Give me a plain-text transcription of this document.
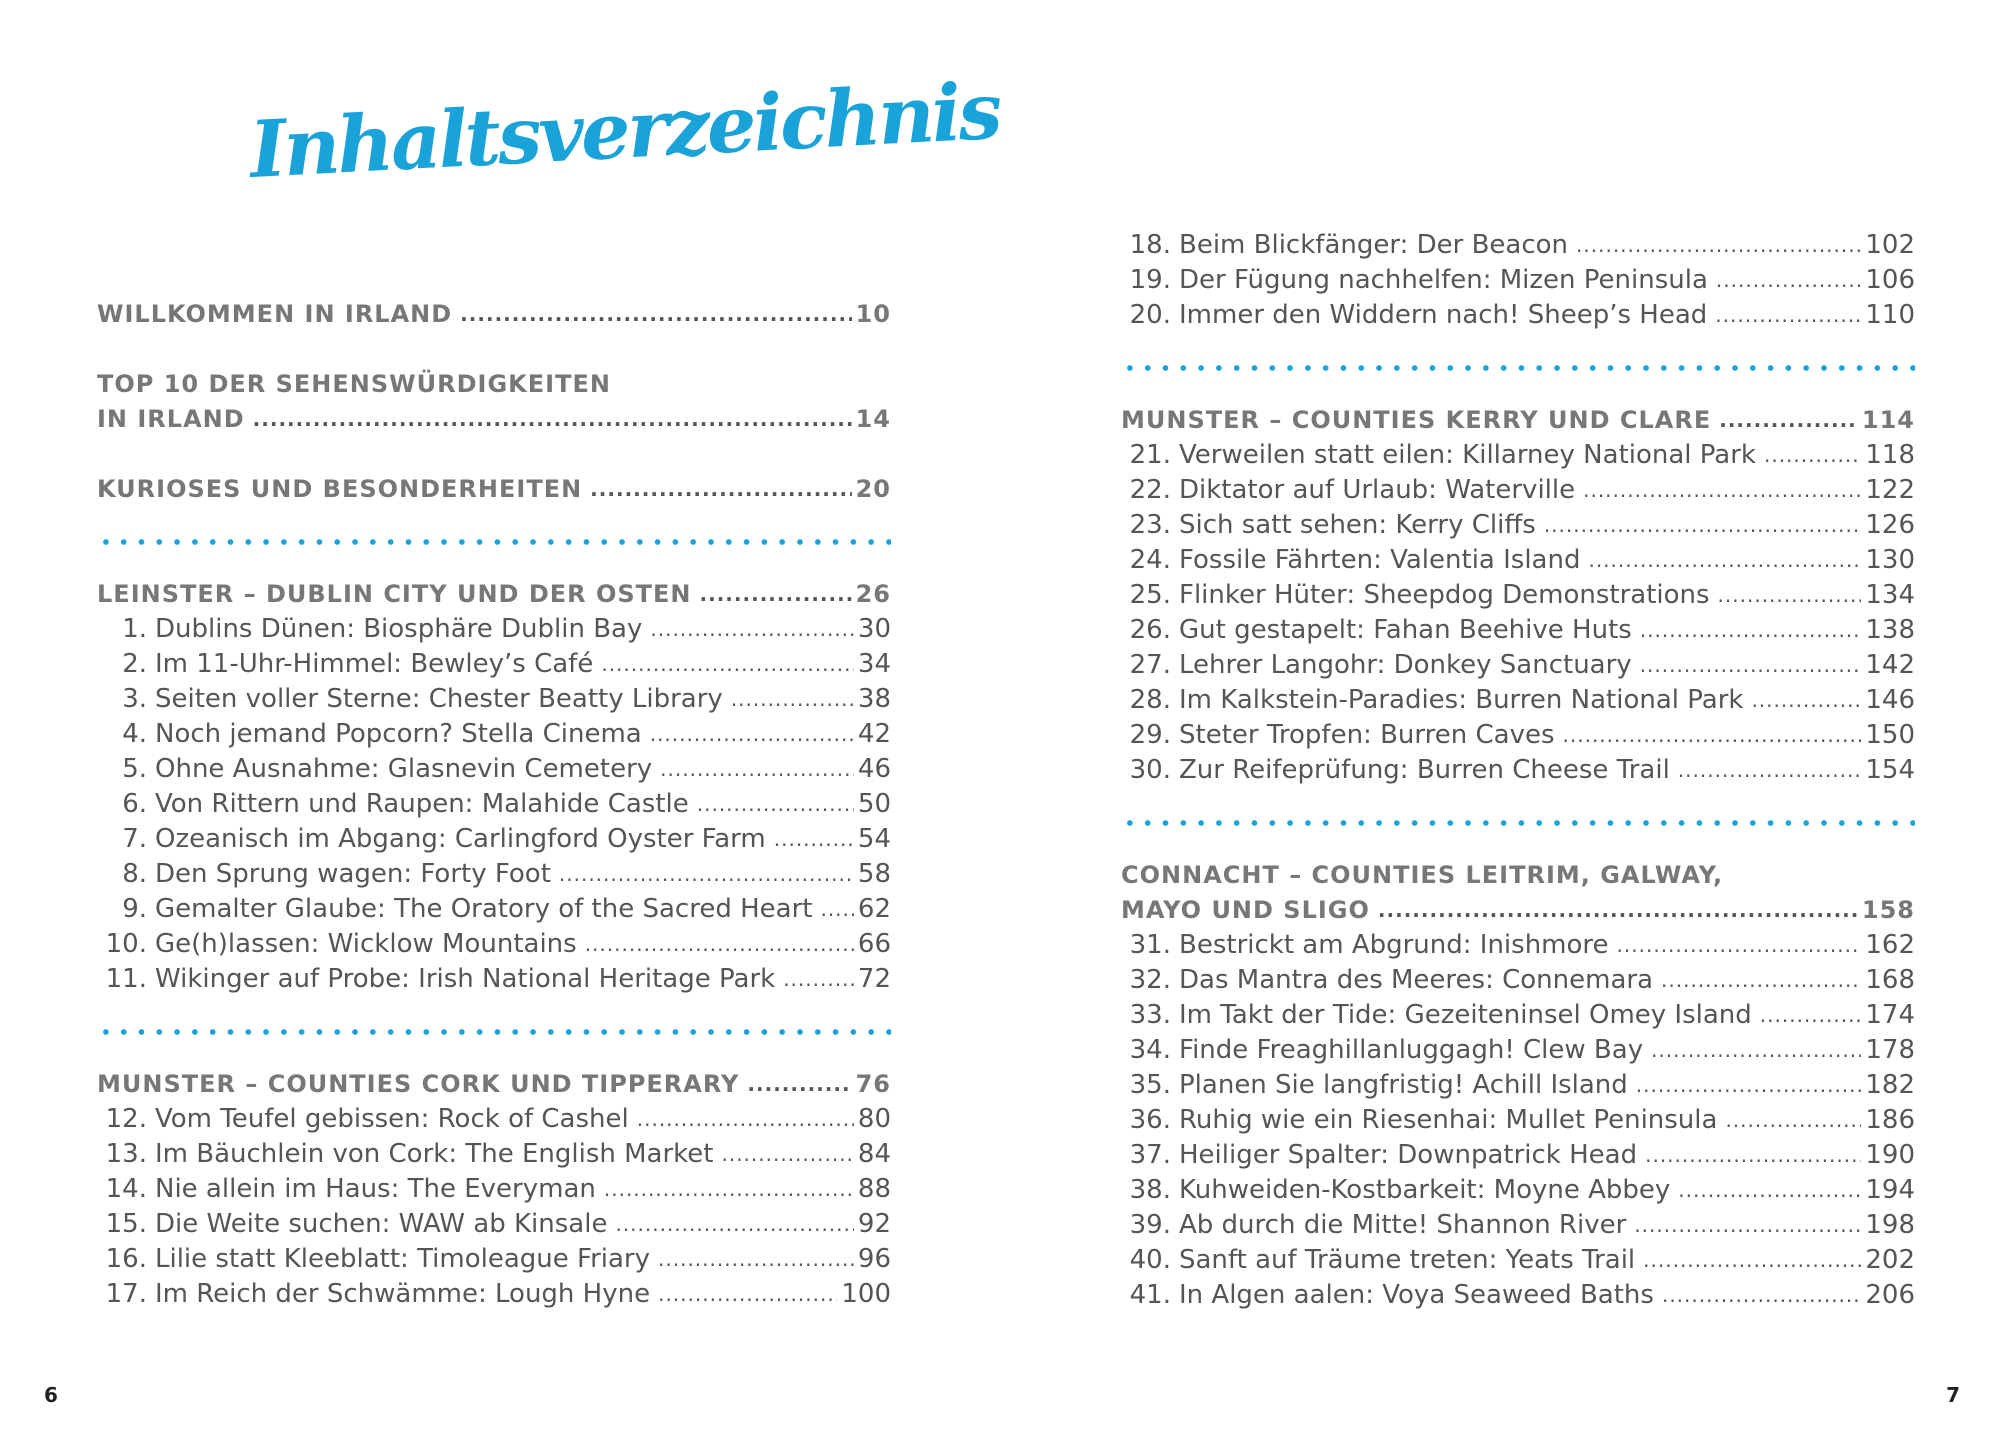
Inhaltsverzeichnis
WILLKOMMEN IN IRLAND .....	10
TOP 10 DER SEHENSWÜRDIGKEITEN
IN IRLAND .....	14
KURIOSES UND BESONDERHEITEN .....	20
LEINSTER – DUBLIN CITY UND DER OSTEN .....	26
1. Dublins Dünen: Biosphäre Dublin Bay .....	30
2. Im 11-Uhr-Himmel: Bewley’s Café .....	34
3. Seiten voller Sterne: Chester Beatty Library .....	38
4. Noch jemand Popcorn? Stella Cinema .....	42
5. Ohne Ausnahme: Glasnevin Cemetery .....	46
6. Von Rittern und Raupen: Malahide Castle .....	50
7. Ozeanisch im Abgang: Carlingford Oyster Farm .....	54
8. Den Sprung wagen: Forty Foot .....	58
9. Gemalter Glaube: The Oratory of the Sacred Heart ..... 62
10. Ge(h)lassen: Wicklow Mountains .....	66
11. Wikinger auf Probe: Irish National Heritage Park .....	72
MUNSTER – COUNTIES CORK UND TIPPERARY .....	76
12. Vom Teufel gebissen: Rock of Cashel .....	80
13. Im Bäuchlein von Cork: The English Market .....	84
14. Nie allein im Haus: The Everyman .....	88
15. Die Weite suchen: WAW ab Kinsale .....	92
16. Lilie statt Kleeblatt: Timoleague Friary .....	96
17. Im Reich der Schwämme: Lough Hyne .....	100
6
18. Beim Blickfänger: Der Beacon .....	102
19. Der Fügung nachhelfen: Mizen Peninsula .....	106
20. Immer den Widdern nach! Sheep’s Head .....	110
MUNSTER – COUNTIES KERRY UND CLARE .....	114
21. Verweilen statt eilen: Killarney National Park .....	118
22. Diktator auf Urlaub: Waterville .....	122
23. Sich satt sehen: Kerry Cliffs .....	126
24. Fossile Fährten: Valentia Island .....	130
25. Flinker Hüter: Sheepdog Demonstrations .....	134
26. Gut gestapelt: Fahan Beehive Huts .....	138
27. Lehrer Langohr: Donkey Sanctuary .....	142
28. Im Kalkstein-Paradies: Burren National Park .....	146
29. Steter Tropfen: Burren Caves .....	150
30. Zur Reifeprüfung: Burren Cheese Trail .....	154
CONNACHT – COUNTIES LEITRIM, GALWAY,
MAYO UND SLIGO .....	158
31. Bestrickt am Abgrund: Inishmore .....	162
32. Das Mantra des Meeres: Connemara .....	168
33. Im Takt der Tide: Gezeiteninsel Omey Island .....	174
34. Finde Freaghillanluggagh! Clew Bay .....	178
35. Planen Sie langfristig! Achill Island .....	182
36. Ruhig wie ein Riesenhai: Mullet Peninsula .....	186
37. Heiliger Spalter: Downpatrick Head .....	190
38. Kuhweiden-Kostbarkeit: Moyne Abbey .....	194
39. Ab durch die Mitte! Shannon River .....	198
40. Sanft auf Träume treten: Yeats Trail .....	202
41. In Algen aalen: Voya Seaweed Baths .....	206
7
